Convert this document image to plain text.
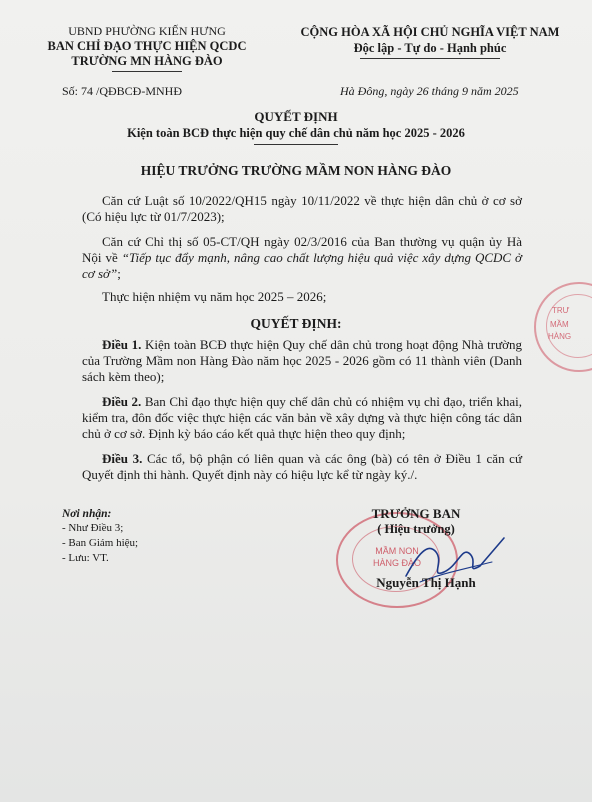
UBND PHƯỜNG KIẾN HƯNG
BAN CHỈ ĐẠO THỰC HIỆN QCDC
TRƯỜNG MN HÀNG ĐÀO
CỘNG HÒA XÃ HỘI CHỦ NGHĨA VIỆT NAM
Độc lập - Tự do - Hạnh phúc
Số: 74 /QĐBCĐ-MNHĐ	Hà Đông, ngày 26 tháng 9 năm 2025
QUYẾT ĐỊNH
Kiện toàn BCĐ thực hiện quy chế dân chủ năm học 2025 - 2026
HIỆU TRƯỞNG TRƯỜNG MẦM NON HÀNG ĐÀO
Căn cứ Luật số 10/2022/QH15 ngày 10/11/2022 về thực hiện dân chủ ở cơ sở (Có hiệu lực từ 01/7/2023);
Căn cứ Chỉ thị số 05-CT/QH ngày 02/3/2016 của Ban thường vụ quận ủy Hà Nội về “Tiếp tục đẩy mạnh, nâng cao chất lượng hiệu quả việc xây dựng QCDC ở cơ sở”;
Thực hiện nhiệm vụ năm học 2025 – 2026;
QUYẾT ĐỊNH:
Điều 1. Kiện toàn BCĐ thực hiện Quy chế dân chủ trong hoạt động Nhà trường của Trường Mầm non Hàng Đào năm học 2025 - 2026 gồm có 11 thành viên (Danh sách kèm theo);
Điều 2. Ban Chỉ đạo thực hiện quy chế dân chủ có nhiệm vụ chỉ đạo, triển khai, kiểm tra, đôn đốc việc thực hiện các văn bản về xây dựng và thực hiện công tác dân chủ ở cơ sở. Định kỳ báo cáo kết quả thực hiện theo quy định;
Điều 3. Các tổ, bộ phận có liên quan và các ông (bà) có tên ở Điều 1 căn cứ Quyết định thi hành. Quyết định này có hiệu lực kể từ ngày ký./.
Nơi nhận:
- Như Điều 3;
- Ban Giám hiệu;
- Lưu: VT.
MẦM NON
HÀNG ĐÀO
TRƯỞNG BAN
( Hiệu trưởng)
Nguyễn Thị Hạnh
TRƯ
MẦM
HÀNG
